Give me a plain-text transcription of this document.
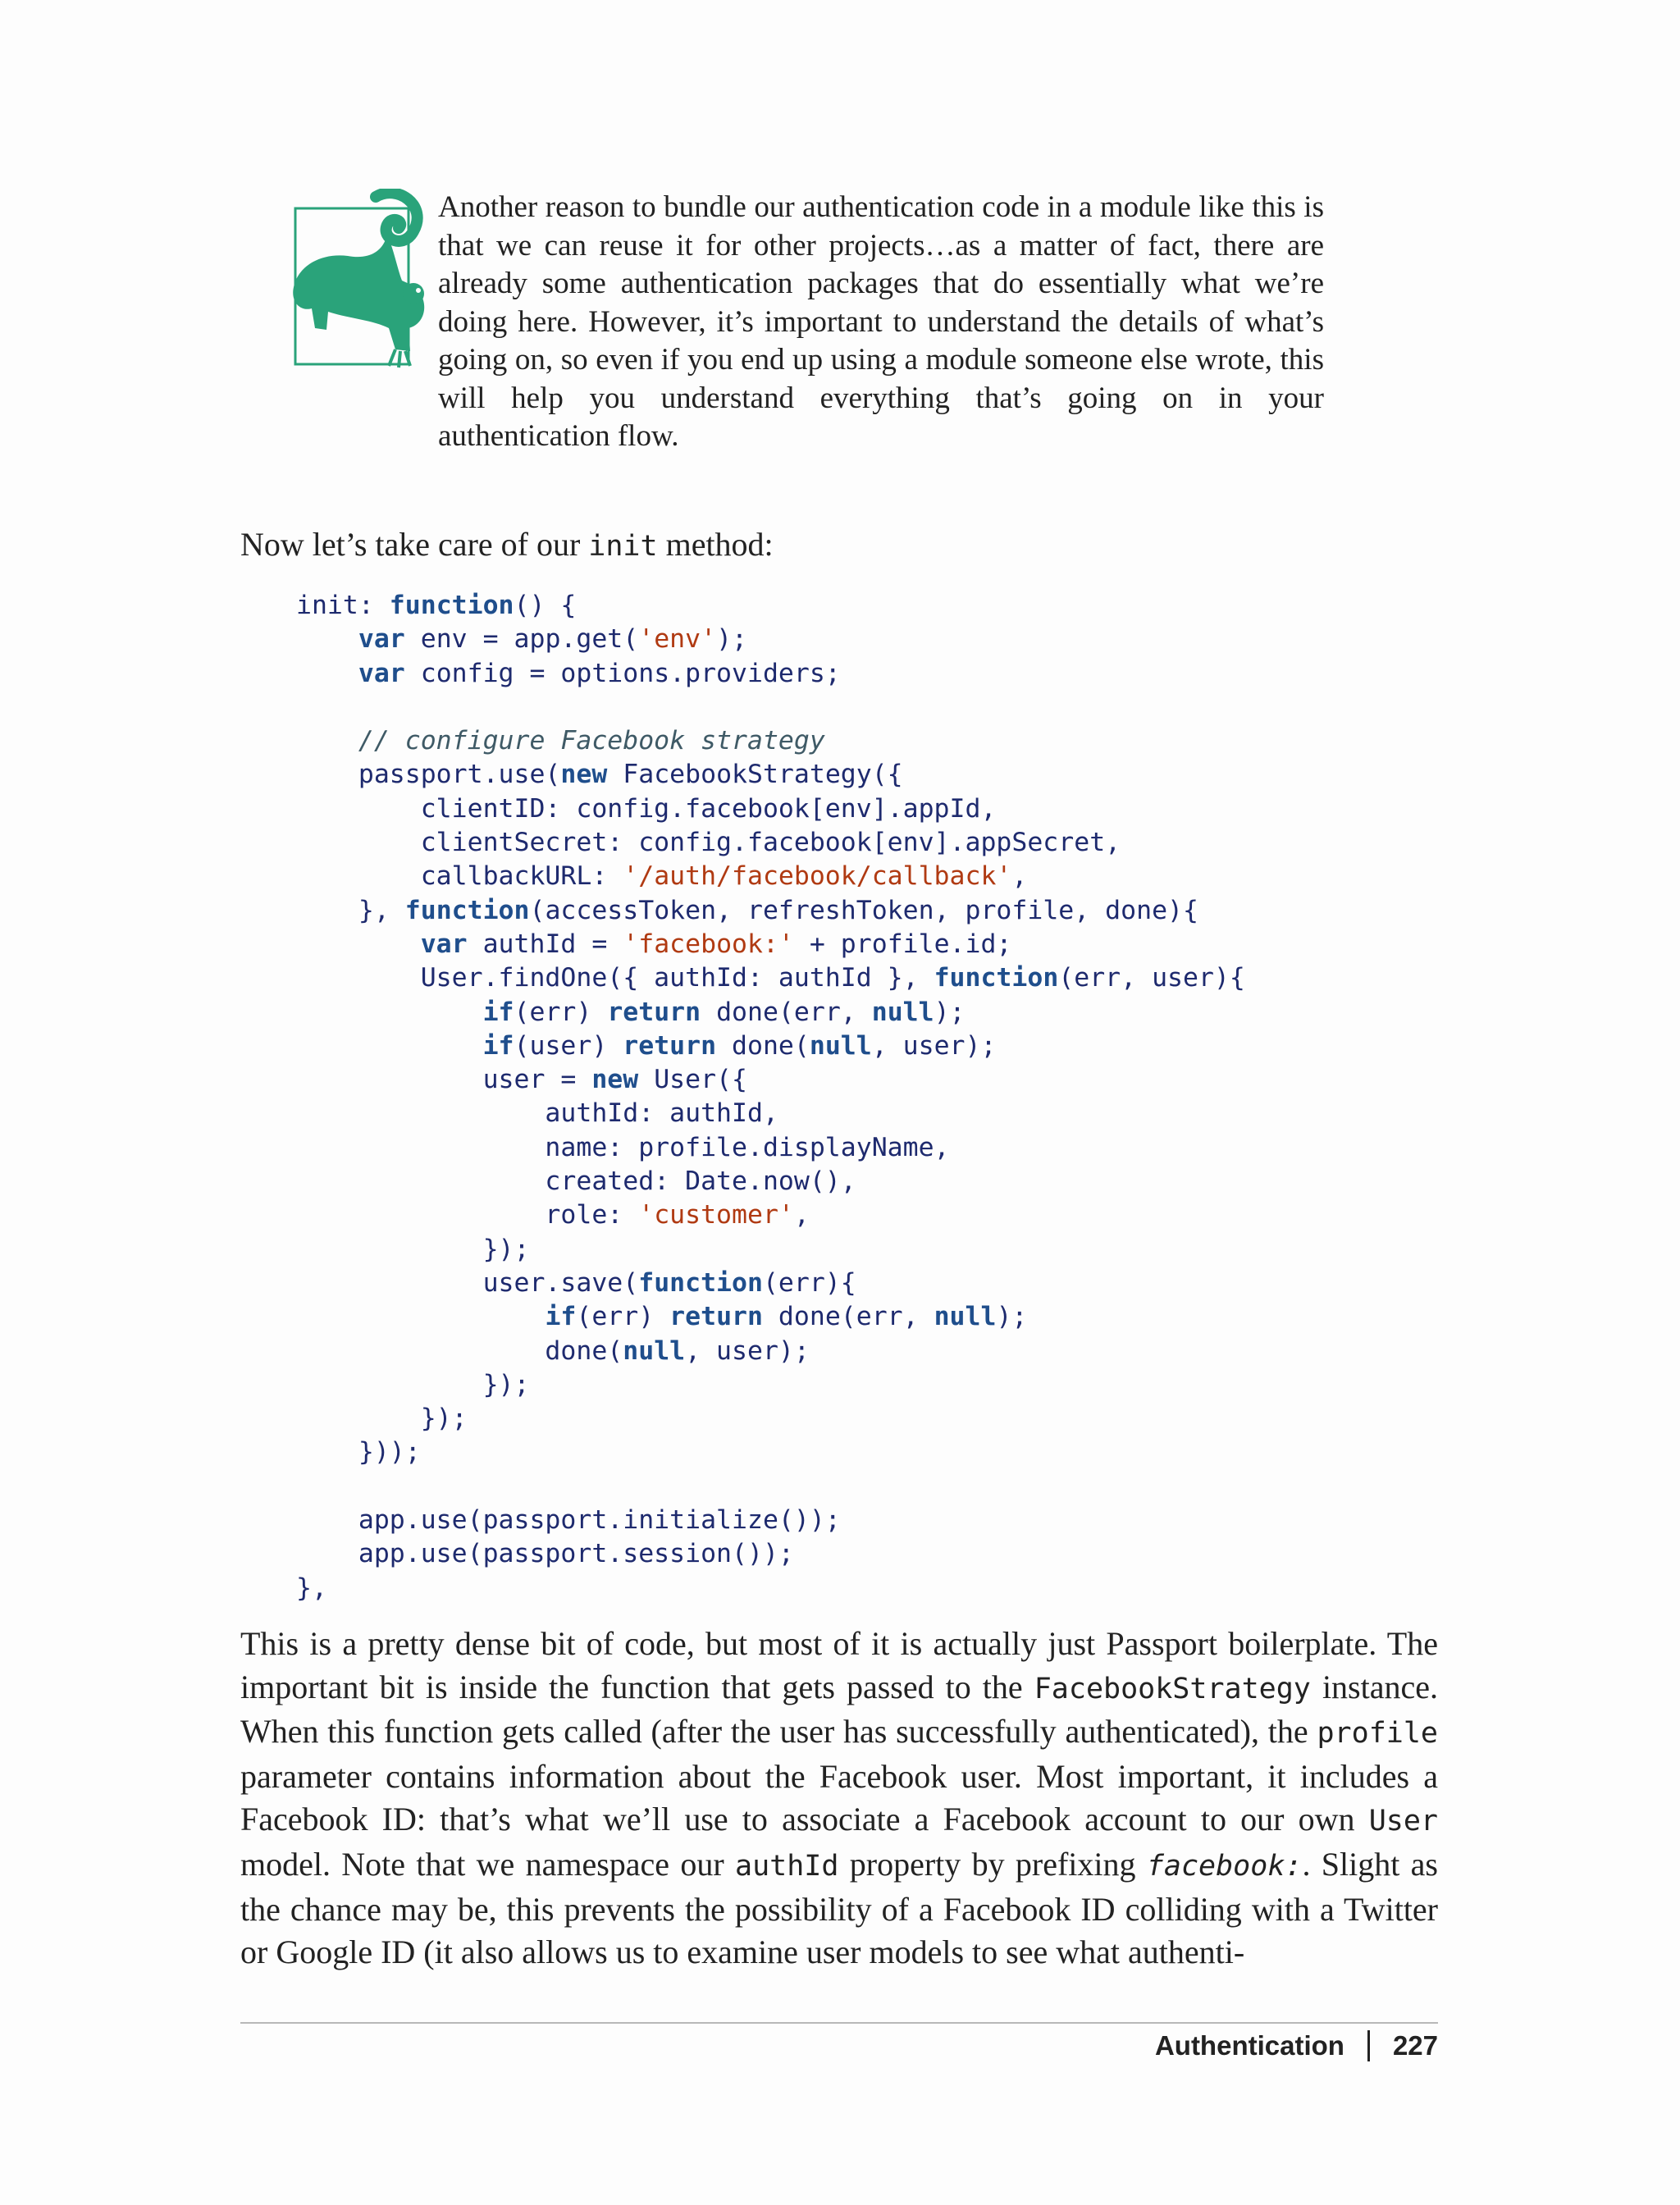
Another reason to bundle our authentication code in a module like this is that we can reuse it for other projects…as a matter of fact, there are already some authentication packages that do essentially what we’re doing here. However, it’s important to understand the details of what’s going on, so even if you end up using a module someone else wrote, this will help you understand everything that’s going on in your authentication flow.
Now let’s take care of our init method:
init: function() {
var env = app.get('env');
var config = options.providers;

// configure Facebook strategy
passport.use(new FacebookStrategy({
clientID: config.facebook[env].appId,
clientSecret: config.facebook[env].appSecret,
callbackURL: '/auth/facebook/callback',
}, function(accessToken, refreshToken, profile, done){
var authId = 'facebook:' + profile.id;
User.findOne({ authId: authId }, function(err, user){
if(err) return done(err, null);
if(user) return done(null, user);
user = new User({
authId: authId,
name: profile.displayName,
created: Date.now(),
role: 'customer',
});
user.save(function(err){
if(err) return done(err, null);
done(null, user);
});
});
}));

app.use(passport.initialize());
app.use(passport.session());
},

This is a pretty dense bit of code, but most of it is actually just Passport boilerplate. The important bit is inside the function that gets passed to the FacebookStrategy instance. When this function gets called (after the user has successfully authenticated), the profile parameter contains information about the Facebook user. Most important, it includes a Facebook ID: that’s what we’ll use to associate a Facebook account to our own User model. Note that we namespace our authId property by prefixing facebook:. Slight as the chance may be, this prevents the possibility of a Facebook ID colliding with a Twitter or Google ID (it also allows us to examine user models to see what authenti-
Authentication 227
